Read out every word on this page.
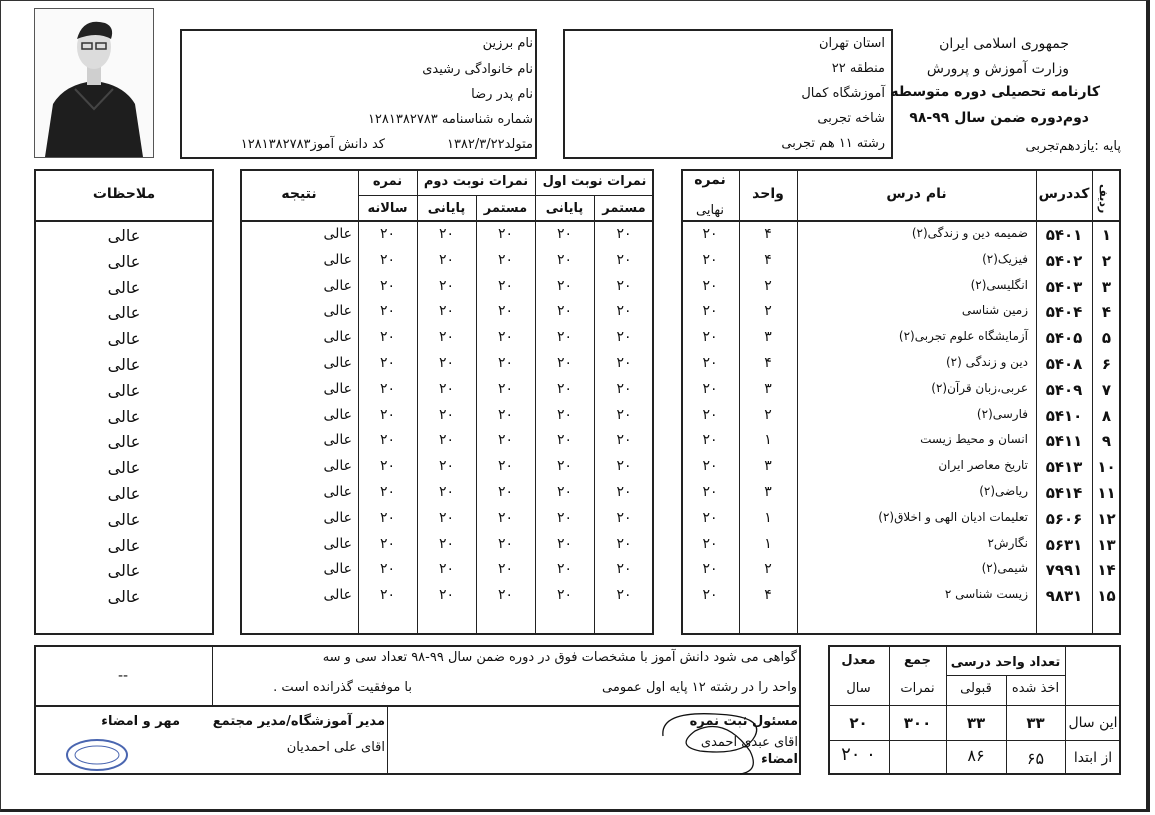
نام برزین
نام خانوادگی رشیدی
نام پدر رضا
شماره شناسنامه ۱۲۸۱۳۸۲۷۸۳
متولد۱۳۸۲/۳/۲۲
کد دانش آموز۱۲۸۱۳۸۲۷۸۳
استان تهران
منطقه ۲۲
آموزشگاه کمال
شاخه تجربی
رشته ۱۱ هم تجربی
جمهوری اسلامی ایران
وزارت آموزش و پرورش
کارنامه تحصیلی دوره متوسطه
دوم‌دوره ضمن سال ۹۹-۹۸
پایه :یازدهم‌تجربی
ردیف
کددرس
نام درس
واحد
نمره
نهایی
نمرات نوبت اول
نمرات نوبت دوم
نمره
مستمر
پایانی
مستمر
پایانی
سالانه
نتیجه
ملاحظات
۱
۵۴۰۱
ضمیمه دین و زندگی(۲)
۴
۲۰
۲۰
۲۰
۲۰
۲۰
۲۰
عالی
عالی
۲
۵۴۰۲
فیزیک(۲)
۴
۲۰
۲۰
۲۰
۲۰
۲۰
۲۰
عالی
عالی
۳
۵۴۰۳
انگلیسی(۲)
۲
۲۰
۲۰
۲۰
۲۰
۲۰
۲۰
عالی
عالی
۴
۵۴۰۴
زمین شناسی
۲
۲۰
۲۰
۲۰
۲۰
۲۰
۲۰
عالی
عالی
۵
۵۴۰۵
آزمایشگاه علوم تجربی(۲)
۳
۲۰
۲۰
۲۰
۲۰
۲۰
۲۰
عالی
عالی
۶
۵۴۰۸
دین و زندگی (۲)
۴
۲۰
۲۰
۲۰
۲۰
۲۰
۲۰
عالی
عالی
۷
۵۴۰۹
عربی،زبان قرآن(۲)
۳
۲۰
۲۰
۲۰
۲۰
۲۰
۲۰
عالی
عالی
۸
۵۴۱۰
فارسی(۲)
۲
۲۰
۲۰
۲۰
۲۰
۲۰
۲۰
عالی
عالی
۹
۵۴۱۱
انسان و محیط زیست
۱
۲۰
۲۰
۲۰
۲۰
۲۰
۲۰
عالی
عالی
۱۰
۵۴۱۳
تاریخ معاصر ایران
۳
۲۰
۲۰
۲۰
۲۰
۲۰
۲۰
عالی
عالی
۱۱
۵۴۱۴
ریاضی(۲)
۳
۲۰
۲۰
۲۰
۲۰
۲۰
۲۰
عالی
عالی
۱۲
۵۶۰۶
تعلیمات ادیان الهی و اخلاق(۲)
۱
۲۰
۲۰
۲۰
۲۰
۲۰
۲۰
عالی
عالی
۱۳
۵۶۳۱
نگارش۲
۱
۲۰
۲۰
۲۰
۲۰
۲۰
۲۰
عالی
عالی
۱۴
۷۹۹۱
شیمی(۲)
۲
۲۰
۲۰
۲۰
۲۰
۲۰
۲۰
عالی
عالی
۱۵
۹۸۳۱
زیست شناسی ۲
۴
۲۰
۲۰
۲۰
۲۰
۲۰
۲۰
عالی
عالی
گواهی می شود دانش آموز با مشخصات فوق در دوره ضمن سال ۹۹-۹۸ تعداد سی و سه
واحد را در رشته ۱۲ پایه اول عمومی
با موفقیت گذرانده است .
--
مسئول ثبت نمره
اقای عبدی احمدی
امضاء
مدیر آموزشگاه/مدیر مجتمع
اقای علی احمدیان
مهر و امضاء
تعداد واحد درسی
اخذ شده
قبولی
جمع
نمرات
معدل
سال
این سال
۳۳
۳۳
۳۰۰
۲۰
از ابتدا
۶۵
۸۶
۲۰ ۰
